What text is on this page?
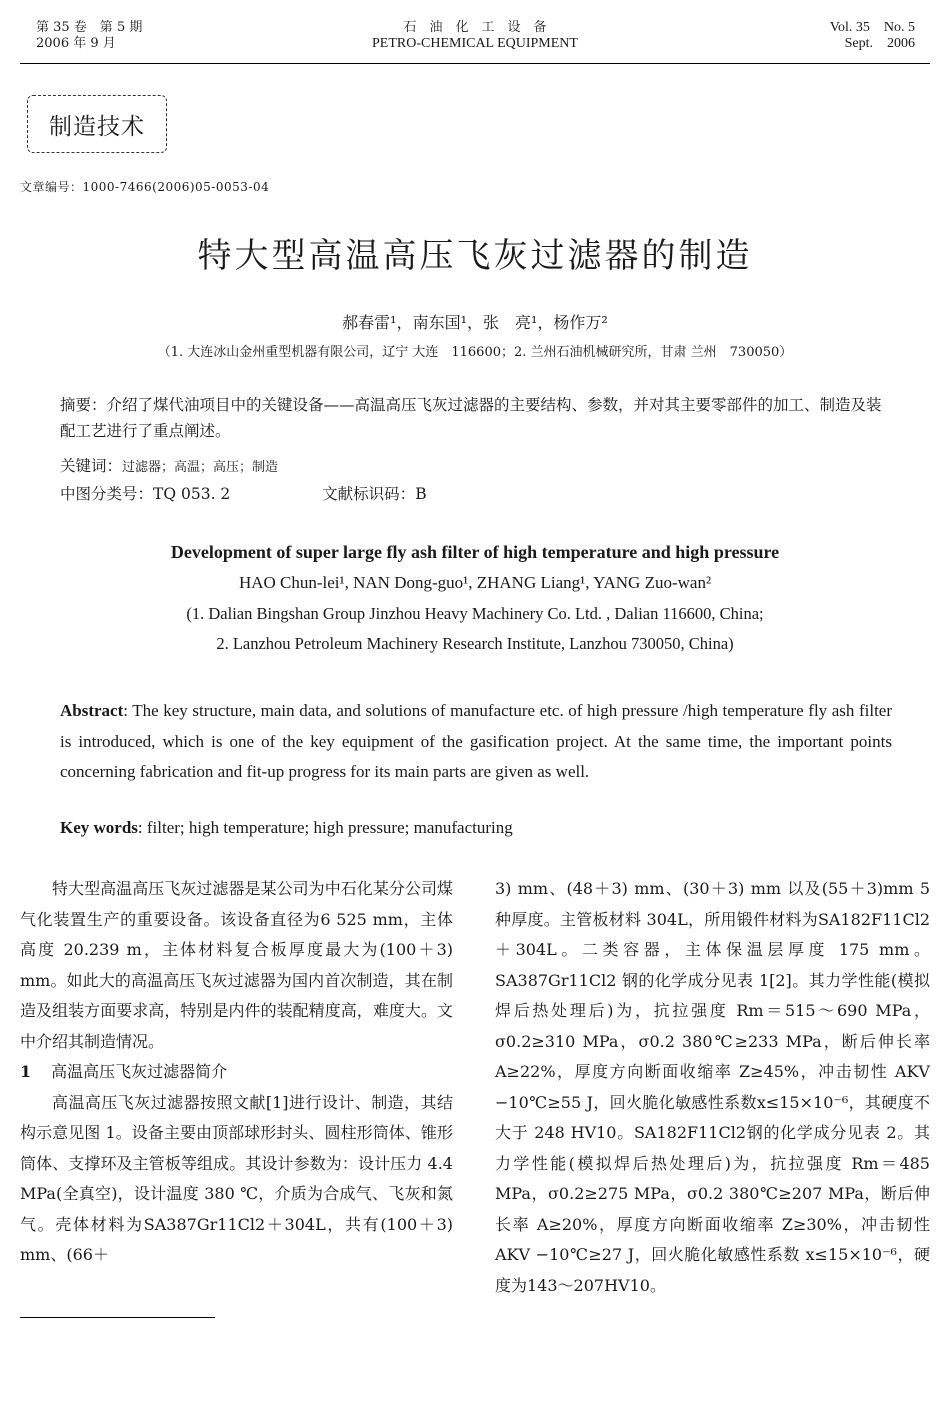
第 35 卷　第 5 期
2006 年 9 月
石　油　化　工　设　备
PETRO-CHEMICAL EQUIPMENT
Vol. 35　No. 5
Sept.　2006
制造技术
文章编号：1000-7466(2006)05-0053-04
特大型高温高压飞灰过滤器的制造
郝春雷¹，南东国¹，张　亮¹，杨作万²
（1. 大连冰山金州重型机器有限公司，辽宁 大连　116600；2. 兰州石油机械研究所，甘肃 兰州　730050）
摘要：介绍了煤代油项目中的关键设备——高温高压飞灰过滤器的主要结构、参数，并对其主要零部件的加工、制造及装配工艺进行了重点阐述。
关键词：过滤器；高温；高压；制造
中图分类号：TQ 053. 2	文献标识码：B
Development of super large fly ash filter of high temperature and high pressure
HAO Chun-lei¹, NAN Dong-guo¹, ZHANG Liang¹, YANG Zuo-wan²
(1. Dalian Bingshan Group Jinzhou Heavy Machinery Co. Ltd. , Dalian 116600, China;
2. Lanzhou Petroleum Machinery Research Institute, Lanzhou 730050, China)
Abstract: The key structure, main data, and solutions of manufacture etc. of high pressure /high temperature fly ash filter is introduced, which is one of the key equipment of the gasification project. At the same time, the important points concerning fabrication and fit-up progress for its main parts are given as well.
Key words: filter; high temperature; high pressure; manufacturing

特大型高温高压飞灰过滤器是某公司为中石化某分公司煤气化装置生产的重要设备。该设备直径为6 525 mm，主体高度 20.239 m，主体材料复合板厚度最大为(100＋3) mm。如此大的高温高压飞灰过滤器为国内首次制造，其在制造及组装方面要求高，特别是内件的装配精度高，难度大。文中介绍其制造情况。

1 高温高压飞灰过滤器简介

高温高压飞灰过滤器按照文献[1]进行设计、制造，其结构示意见图 1。设备主要由顶部球形封头、圆柱形筒体、锥形筒体、支撑环及主管板等组成。其设计参数为：设计压力 4.4 MPa(全真空)，设计温度 380 ℃，介质为合成气、飞灰和氮气。壳体材料为SA387Gr11Cl2＋304L，共有(100＋3) mm、(66＋

3) mm、(48＋3) mm、(30＋3) mm 以及(55＋3)mm 5 种厚度。主管板材料 304L，所用锻件材料为SA182F11Cl2＋304L。二类容器，主体保温层厚度 175 mm。SA387Gr11Cl2 钢的化学成分见表 1[2]。其力学性能(模拟焊后热处理后)为，抗拉强度 Rm＝515～690 MPa，σ0.2≥310 MPa，σ0.2 380℃≥233 MPa，断后伸长率 A≥22%，厚度方向断面收缩率 Z≥45%，冲击韧性 AKV −10℃≥55 J，回火脆化敏感性系数x≤15×10⁻⁶，其硬度不大于 248 HV10。SA182F11Cl2钢的化学成分见表 2。其力学性能(模拟焊后热处理后)为，抗拉强度 Rm＝485 MPa，σ0.2≥275 MPa，σ0.2 380℃≥207 MPa，断后伸长率 A≥20%，厚度方向断面收缩率 Z≥30%，冲击韧性 AKV −10℃≥27 J，回火脆化敏感性系数 x≤15×10⁻⁶，硬度为143～207HV10。
